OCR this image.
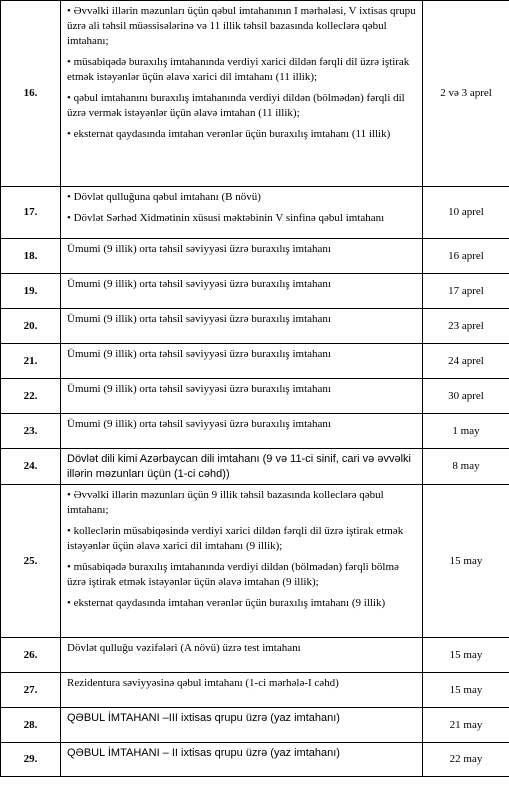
16.	• Əvvəlki illərin məzunları üçün qəbul imtahanının I mərhələsi, V ixtisas qrupu üzrə ali təhsil müəssisələrinə və 11 illik təhsil bazasında kolleclərə qəbul imtahanı;
• müsabiqədə buraxılış imtahanında verdiyi xarici dildən fərqli dil üzrə iştirak etmək istəyənlər üçün əlavə xarici dil imtahanı (11 illik);
• qəbul imtahanını buraxılış imtahanında verdiyi dildən (bölmədən) fərqli dil üzrə vermək istəyənlər üçün əlavə imtahan (11 illik);
• eksternat qaydasında imtahan verənlər üçün buraxılış imtahanı (11 illik)	2 və 3 aprel
17.	• Dövlət qulluğuna qəbul imtahanı (B növü)
• Dövlət Sərhəd Xidmətinin xüsusi məktəbinin V sinfinə qəbul imtahanı	10 aprel
18.	Ümumi (9 illik) orta təhsil səviyyəsi üzrə buraxılış imtahanı	16 aprel
19.	Ümumi (9 illik) orta təhsil səviyyəsi üzrə buraxılış imtahanı	17 aprel
20.	Ümumi (9 illik) orta təhsil səviyyəsi üzrə buraxılış imtahanı	23 aprel
21.	Ümumi (9 illik) orta təhsil səviyyəsi üzrə buraxılış imtahanı	24 aprel
22.	Ümumi (9 illik) orta təhsil səviyyəsi üzrə buraxılış imtahanı	30 aprel
23.	Ümumi (9 illik) orta təhsil səviyyəsi üzrə buraxılış imtahanı	1 may
24.	Dövlət dili kimi Azərbaycan dili imtahanı (9 və 11-ci sinif, cari və əvvəlki illərin məzunları üçün (1-ci cəhd))	8 may
25.	• Əvvəlki illərin məzunları üçün 9 illik təhsil bazasında kolleclərə qəbul imtahanı;
• kolleclərin müsabiqəsində verdiyi xarici dildən fərqli dil üzrə iştirak etmək istəyənlər üçün əlavə xarici dil imtahanı (9 illik);
• müsabiqədə buraxılış imtahanında verdiyi dildən (bölmədən) fərqli bölmə üzrə iştirak etmək istəyənlər üçün əlavə imtahan (9 illik);
• eksternat qaydasında imtahan verənlər üçün buraxılış imtahanı (9 illik)	15 may
26.	Dövlət qulluğu vəzifələri (A növü) üzrə test imtahanı	15 may
27.	Rezidentura səviyyəsinə qəbul imtahanı (1-ci mərhələ-I cəhd)	15 may
28.	QƏBUL İMTAHANI –III ixtisas qrupu üzrə (yaz imtahanı)	21 may
29.	QƏBUL İMTAHANI – II ixtisas qrupu üzrə (yaz imtahanı)	22 may
